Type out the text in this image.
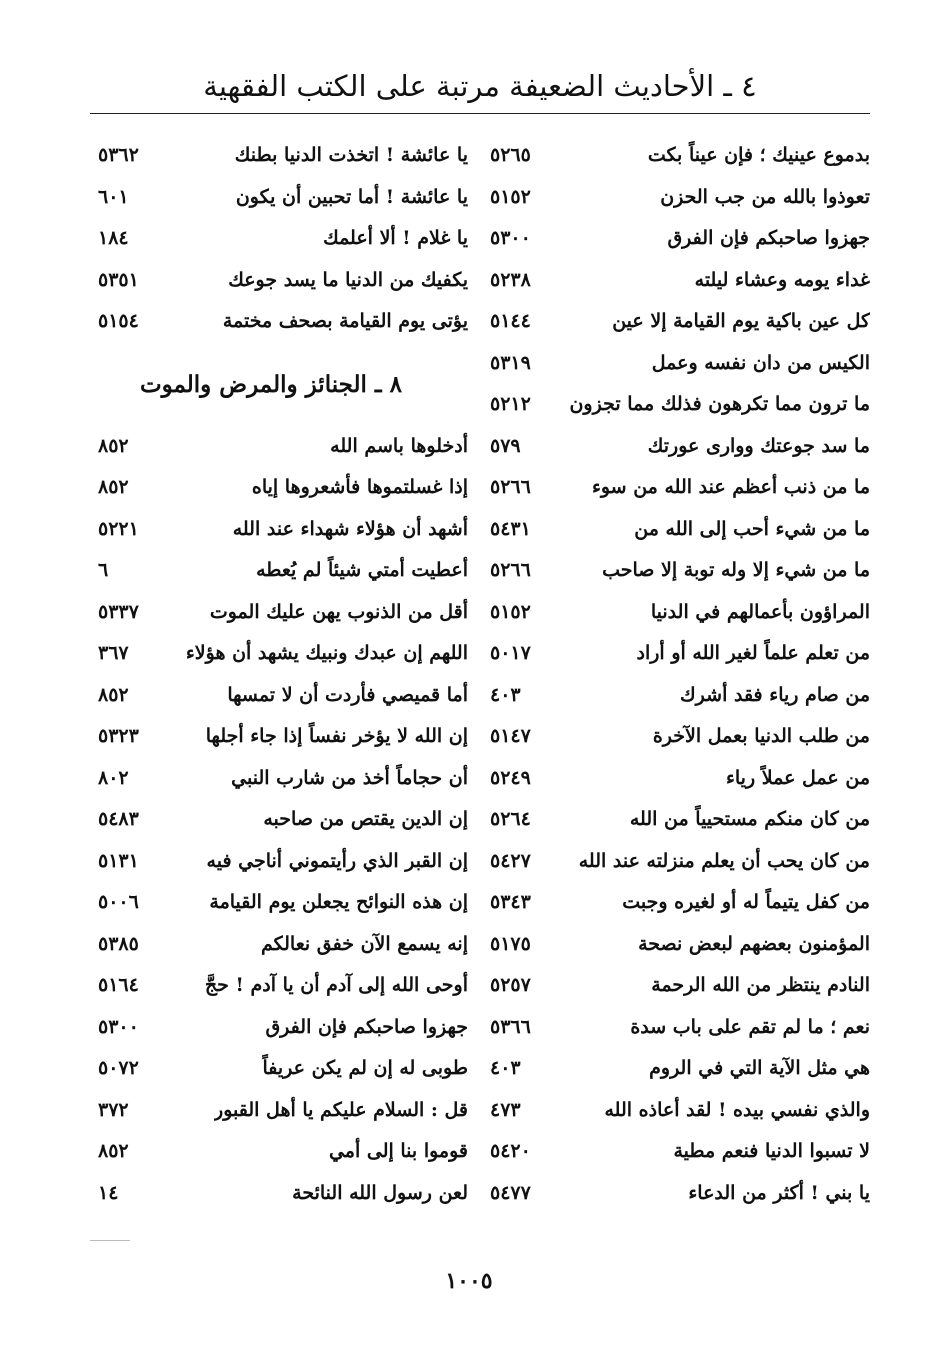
٤ ـ الأحاديث الضعيفة مرتبة على الكتب الفقهية
بدموع عينيك ؛ فإن عيناً بكت
٥٢٦٥
تعوذوا بالله من جب الحزن
٥١٥٢
جهزوا صاحبكم فإن الفرق
٥٣٠٠
غداء يومه وعشاء ليلته
٥٢٣٨
كل عين باكية يوم القيامة إلا عين
٥١٤٤
الكيس من دان نفسه وعمل
٥٣١٩
ما ترون مما تكرهون فذلك مما تجزون
٥٢١٢
ما سد جوعتك ووارى عورتك
٥٧٩
ما من ذنب أعظم عند الله من سوء
٥٢٦٦
ما من شيء أحب إلى الله من
٥٤٣١
ما من شيء إلا وله توبة إلا صاحب
٥٢٦٦
المراؤون بأعمالهم في الدنيا
٥١٥٢
من تعلم علماً لغير الله أو أراد
٥٠١٧
من صام رياء فقد أشرك
٤٠٣
من طلب الدنيا بعمل الآخرة
٥١٤٧
من عمل عملاً رياء
٥٢٤٩
من كان منكم مستحيياً من الله
٥٢٦٤
من كان يحب أن يعلم منزلته عند الله
٥٤٢٧
من كفل يتيماً له أو لغيره وجبت
٥٣٤٣
المؤمنون بعضهم لبعض نصحة
٥١٧٥
النادم ينتظر من الله الرحمة
٥٢٥٧
نعم ؛ ما لم تقم على باب سدة
٥٣٦٦
هي مثل الآية التي في الروم
٤٠٣
والذي نفسي بيده ! لقد أعاذه الله
٤٧٣
لا تسبوا الدنيا فنعم مطية
٥٤٢٠
يا بني ! أكثر من الدعاء
٥٤٧٧
يا عائشة ! اتخذت الدنيا بطنك
٥٣٦٢
يا عائشة ! أما تحبين أن يكون
٦٠١
يا غلام ! ألا أعلمك
١٨٤
يكفيك من الدنيا ما يسد جوعك
٥٣٥١
يؤتى يوم القيامة بصحف مختمة
٥١٥٤
٨ ـ الجنائز والمرض والموت
أدخلوها باسم الله
٨٥٢
إذا غسلتموها فأشعروها إياه
٨٥٢
أشهد أن هؤلاء شهداء عند الله
٥٢٢١
أعطيت أمتي شيئاً لم يُعطه
٦
أقل من الذنوب يهن عليك الموت
٥٣٣٧
اللهم إن عبدك ونبيك يشهد أن هؤلاء
٣٦٧
أما قميصي فأردت أن لا تمسها
٨٥٢
إن الله لا يؤخر نفساً إذا جاء أجلها
٥٣٢٣
أن حجاماً أخذ من شارب النبي
٨٠٢
إن الدين يقتص من صاحبه
٥٤٨٣
إن القبر الذي رأيتموني أناجي فيه
٥١٣١
إن هذه النوائح يجعلن يوم القيامة
٥٠٠٦
إنه يسمع الآن خفق نعالكم
٥٣٨٥
أوحى الله إلى آدم أن يا آدم ! حجَّ
٥١٦٤
جهزوا صاحبكم فإن الفرق
٥٣٠٠
طوبى له إن لم يكن عريفاً
٥٠٧٢
قل : السلام عليكم يا أهل القبور
٣٧٢
قوموا بنا إلى أمي
٨٥٢
لعن رسول الله النائحة
١٤
١٠٠٥
